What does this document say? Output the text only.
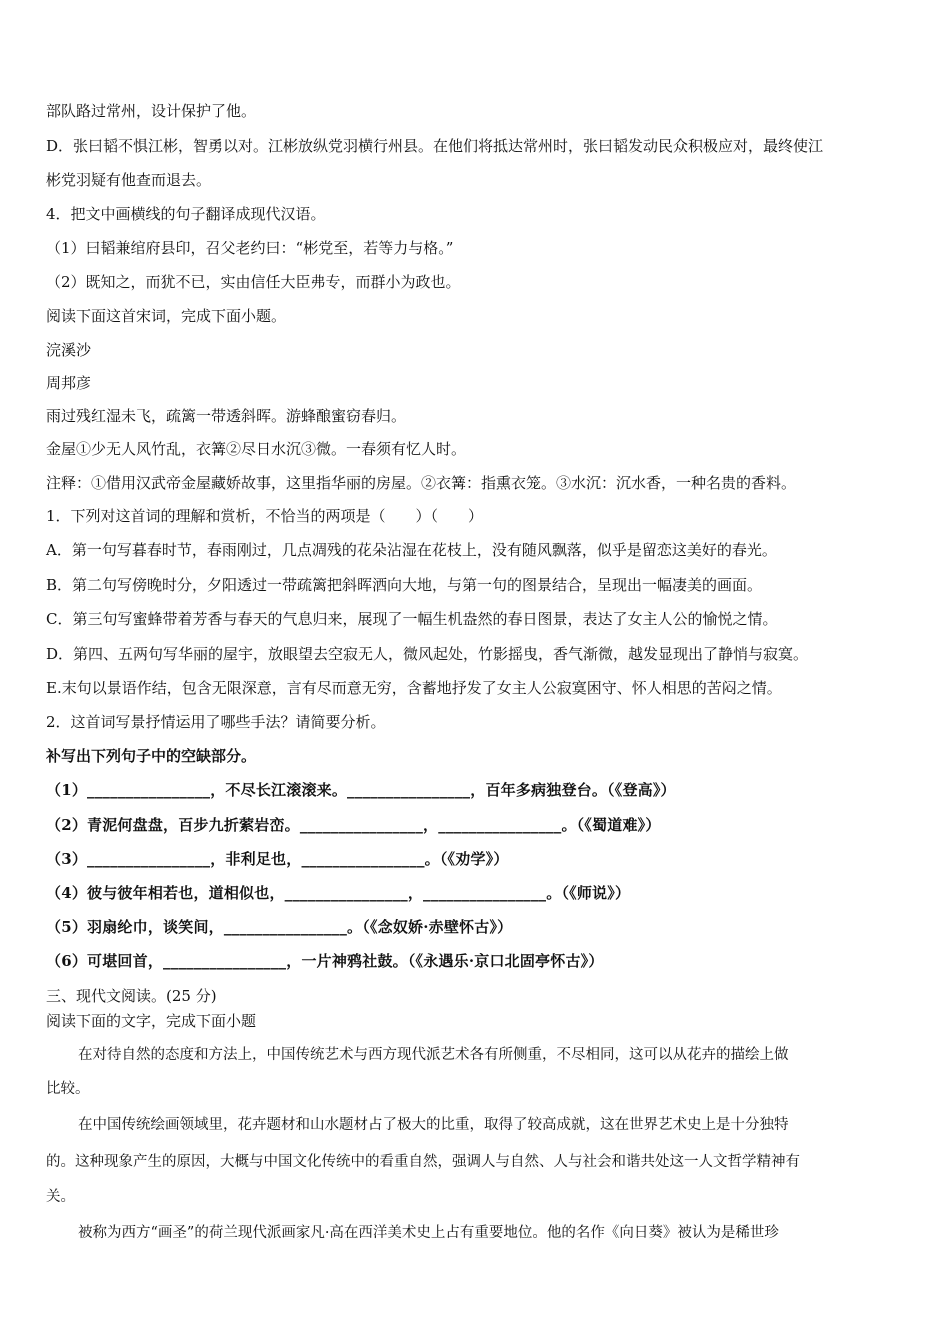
部队路过常州，设计保护了他。
D．张曰韬不惧江彬，智勇以对。江彬放纵党羽横行州县。在他们将抵达常州时，张曰韬发动民众积极应对，最终使江
彬党羽疑有他查而退去。
4．把文中画横线的句子翻译成现代汉语。
（1）曰韬兼绾府县印，召父老约曰：“彬党至，若等力与格。”
（2）既知之，而犹不已，实由信任大臣弗专，而群小为政也。
阅读下面这首宋词，完成下面小题。
浣溪沙
周邦彦
雨过残红湿未飞，疏篱一带透斜晖。游蜂酿蜜窃春归。
金屋①少无人风竹乱，衣篝②尽日水沉③微。一春须有忆人时。
注释：①借用汉武帝金屋藏娇故事，这里指华丽的房屋。②衣篝：指熏衣笼。③水沉：沉水香，一种名贵的香料。
1．下列对这首词的理解和赏析，不恰当的两项是（　　）（　　）
A．第一句写暮春时节，春雨刚过，几点凋残的花朵沾湿在花枝上，没有随风飘落，似乎是留恋这美好的春光。
B．第二句写傍晚时分，夕阳透过一带疏篱把斜晖洒向大地，与第一句的图景结合，呈现出一幅凄美的画面。
C．第三句写蜜蜂带着芳香与春天的气息归来，展现了一幅生机盎然的春日图景，表达了女主人公的愉悦之情。
D．第四、五两句写华丽的屋宇，放眼望去空寂无人，微风起处，竹影摇曳，香气渐微，越发显现出了静悄与寂寞。
E.末句以景语作结，包含无限深意，言有尽而意无穷，含蓄地抒发了女主人公寂寞困守、怀人相思的苦闷之情。
2．这首词写景抒情运用了哪些手法？请简要分析。
补写出下列句子中的空缺部分。
（1）________________，不尽长江滚滚来。________________，百年多病独登台。（《登高》）
（2）青泥何盘盘，百步九折萦岩峦。________________，________________。（《蜀道难》）
（3）________________，非利足也，________________。（《劝学》）
（4）彼与彼年相若也，道相似也，________________，________________。（《师说》）
（5）羽扇纶巾，谈笑间，________________。（《念奴娇·赤壁怀古》）
（6）可堪回首，________________，一片神鸦社鼓。（《永遇乐·京口北固亭怀古》）
三、现代文阅读。(25 分)
阅读下面的文字，完成下面小题
在对待自然的态度和方法上，中国传统艺术与西方现代派艺术各有所侧重，不尽相同，这可以从花卉的描绘上做
比较。
在中国传统绘画领域里，花卉题材和山水题材占了极大的比重，取得了较高成就，这在世界艺术史上是十分独特
的。这种现象产生的原因，大概与中国文化传统中的看重自然，强调人与自然、人与社会和谐共处这一人文哲学精神有
关。
被称为西方“画圣”的荷兰现代派画家凡·高在西洋美术史上占有重要地位。他的名作《向日葵》被认为是稀世珍
